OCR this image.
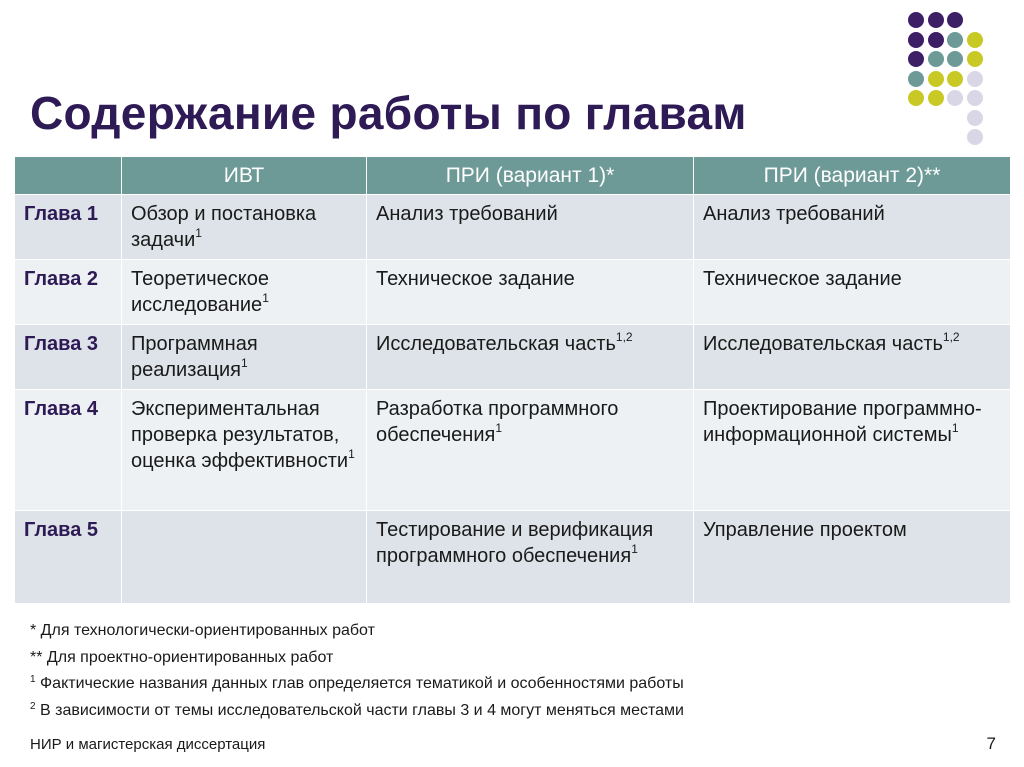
Содержание работы по главам
	ИВТ	ПРИ (вариант 1)*	ПРИ (вариант 2)**
Глава 1	Обзор и постановка задачи$^1$	Анализ требований	Анализ требований
Глава 2	Теоретическое исследование$^1$	Техническое задание	Техническое задание
Глава 3	Программная реализация$^1$	Исследовательская часть$^{1,2}$	Исследовательская часть$^{1,2}$
Глава 4	Экспериментальная проверка результатов, оценка эффективности$^1$	Разработка программного обеспечения$^1$	Проектирование программно-информационной системы$^1$
Глава 5		Тестирование и верификация программного обеспечения$^1$	Управление проектом
* Для технологически-ориентированных работ
** Для проектно-ориентированных работ
$^1$ Фактические названия данных глав определяется тематикой и особенностями работы
$^2$ В зависимости от темы исследовательской части главы 3 и 4 могут меняться местами
НИР и магистерская диссертация	7
